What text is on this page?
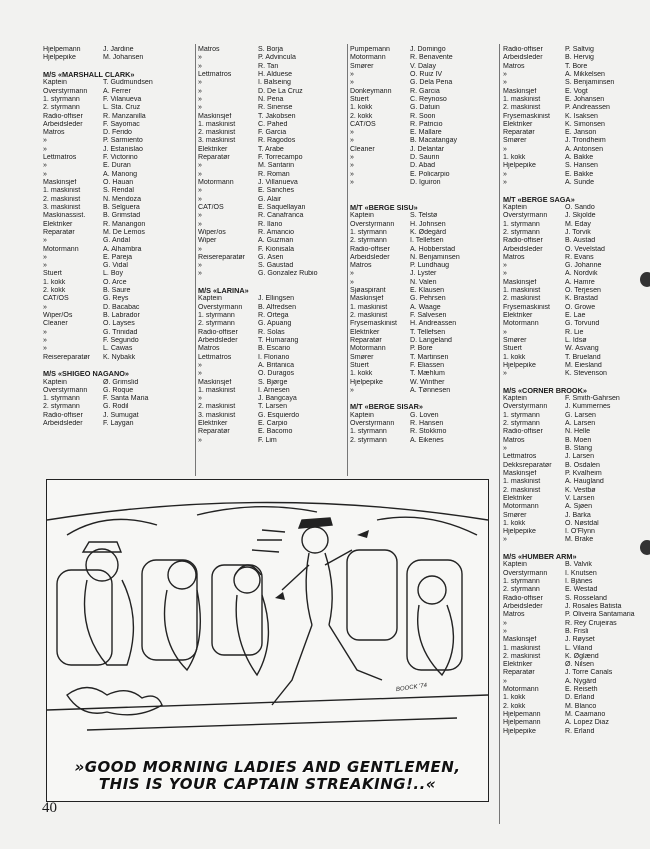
Hjelpemann	J. Jardine
Hjelpepike	M. Johansen
M/S «MARSHALL CLARK»
Kaptein	T. Gudmundsen
Overstyrmann	A. Ferrer
1. styrmann	F. Vilanueva
2. styrmann	L. Sta. Cruz
Radio-offiser	R. Manzanilla
Arbeidsleder	F. Sayomac
Matros	D. Ferido
»	P. Sarmiento
»	J. Estanislao
Lettmatros	F. Victorino
»	E. Duran
»	A. Manong
Maskinsjef	O. Hauan
1. maskinist	S. Rendal
2. maskinist	N. Mendoza
3. maskinist	B. Selguera
Maskinassist.	B. Grimstad
Elektriker	R. Manangon
Reparatør	M. De Lemos
»	G. Andal
Motormann	A. Alhambra
»	E. Pareja
»	G. Vidal
Stuert	L. Boy
1. kokk	O. Arce
2. kokk	B. Saure
CAT/OS	G. Reys
»	D. Bacabac
Wiper/Os	B. Labrador
Cleaner	O. Layses
»	G. Trinidad
»	F. Segundo
»	L. Cawas
Reiserepаratør	K. Nybakk
M/S «SHIGEO NAGANO»
Kaptein	Ø. Grimslid
Overstyrmann	G. Roque
1. styrmann	F. Santa Maria
2. styrmann	G. Rodil
Radio-offiser	J. Sumugat
Arbeidsleder	F. Laygan
Matros	S. Borja
»	P. Advincula
»	R. Tan
Lettmatros	H. Alduese
»	I. Balseing
»	D. De La Cruz
»	N. Pena
»	R. Sinense
Maskinsjef	T. Jakobsen
1. maskinist	C. Pahed
2. maskinist	F. Garcia
3. maskinist	R. Ragodos
Elektriker	T. Arabe
Reparatør	F. Torrecampo
»	M. Santarin
»	R. Roman
Motormann	J. Villanueva
»	E. Sanches
»	G. Alair
CAT/OS	E. Saquellayan
»	R. Canafranca
»	R. Ilano
Wiper/os	R. Amancio
Wiper	A. Guzman
»	F. Kionisala
Reiserepаratør	G. Åsen
»	S. Gaustad
»	G. Gonzalez Rubio
M/S «LARINA»
Kaptein	J. Ellingsen
Overstyrmann	B. Alfredsen
1. styrmann	R. Ortega
2. styrmann	G. Apuang
Radio-offiser	R. Solas
Arbeidsleder	T. Humarang
Matros	B. Escario
Lettmatros	I. Floriano
»	A. Britanica
»	O. Duragos
Maskinsjef	S. Bjørge
1. maskinist	I. Arnesen
»	J. Bangcaya
2. maskinist	T. Larsen
3. maskinist	G. Esquierdo
Elektriker	E. Carpio
Reparatør	E. Bacomo
»	F. Lim
Pumpemann	J. Domingo
Motormann	R. Benavente
Smører	V. Dalay
»	O. Ruiz IV
»	G. Dela Pena
Donkeymann	R. Garcia
Stuert	C. Reynoso
1. kokk	G. Datuin
2. kokk	R. Soon
CAT/OS	R. Patricio
»	E. Mallare
»	B. Macatangay
Cleaner	J. Delantar
»	D. Saurin
»	D. Abad
»	E. Policarpio
»	D. Iguiron
M/T «BERGE SISU»
Kaptein	S. Telstø
Overstyrmann	H. Johnsen
1. styrmann	K. Ødegård
2. styrmann	I. Tellefsen
Radio-offiser	A. Hobberstad
Arbeidsleder	N. Benjaminsen
Matros	P. Lundhaug
»	J. Lyster
»	N. Valen
Sjøaspirant	E. Klausen
Maskinsjef	G. Pehrsen
1. maskinist	A. Waage
2. maskinist	F. Salvesen
Frysemaskinist	H. Andreassen
Elektriker	T. Tellefsen
Reparatør	D. Langeland
Motormann	P. Bore
Smører	T. Martinsen
Stuert	F. Eliassen
1. kokk	T. Mæhlum
Hjelpepike	W. Winther
»	A. Tønnesen
M/T «BERGE SISAR»
Kaptein	G. Loven
Overstyrmann	R. Hansen
1. styrmann	R. Stokkmo
2. styrmann	A. Eikenes
Radio-offiser	P. Saltvig
Arbeidsleder	B. Hervig
Matros	T. Bore
»	A. Mikkelsen
»	S. Benjaminsen
Maskinsjef	E. Vogt
1. maskinist	E. Johansen
2. maskinist	P. Andreassen
Frysemaskinist	K. Isaksen
Elektriker	K. Simonsen
Reparatør	E. Janson
Smører	J. Trondheim
»	A. Antonsen
1. kokk	A. Bakke
Hjelpepike	S. Hansen
»	E. Bakke
»	A. Sunde
M/T «BERGE SAGA»
Kaptein	O. Sando
Overstyrmann	J. Skjolde
1. styrmann	M. Eday
2. styrmann	J. Torvik
Radio-offiser	B. Austad
Arbeidsleder	O. Vevelstad
Matros	R. Evans
»	G. Johanne
»	A. Nordvik
Maskinsjef	A. Hamre
1. maskinist	O. Terjesen
2. maskinist	K. Brastad
Frysemaskinist	O. Growe
Elektriker	E. Lae
Motormann	G. Torvund
»	R. Lie
Smører	L. Idsø
Stuert	W. Åsvang
1. kokk	T. Brueland
Hjelpepike	M. Eiesland
»	K. Stevenson
M/S «CORNER BROOK»
Kaptein	F. Smith-Gahrsen
Overstyrmann	J. Kummernes
1. styrmann	G. Larsen
2. styrmann	A. Larsen
Radio-offiser	N. Helle
Matros	B. Moen
»	B. Stang
Lettmatros	J. Larsen
Dekksreparatør	B. Osdalen
Maskinsjef	P. Kvalheim
1. maskinist	A. Haugland
2. maskinist	K. Vestbø
Elektriker	V. Larsen
Motormann	A. Sjøen
Smører	J. Barka
1. kokk	O. Nøstdal
Hjelpepike	I. O'Flynn
»	M. Brake
M/S «HUMBER ARM»
Kaptein	B. Valvik
Overstyrmann	I. Knutsen
1. styrmann	I. Bjånes
2. styrmann	E. Westad
Radio-offiser	S. Rosseland
Arbeidsleder	J. Rosales Batista
Matros	P. Oliveira Santamaria
»	R. Rey Crujeiras
»	B. Frisli
Maskinsjef	J. Røyset
1. maskinist	L. Viland
2. maskinist	K. Øglænd
Elektriker	Ø. Nilsen
Reparatør	J. Torre Canals
»	A. Nygård
Motormann	E. Reiseth
1. kokk	D. Erland
2. kokk	M. Blanco
Hjelpemann	M. Caamano
Hjelpemann	A. Lopez Diaz
Hjelpepike	R. Erland
BOOCK '74
»GOOD MORNING LADIES AND GENTLEMEN,
THIS IS YOUR CAPTAIN STREAKING!..«
40
